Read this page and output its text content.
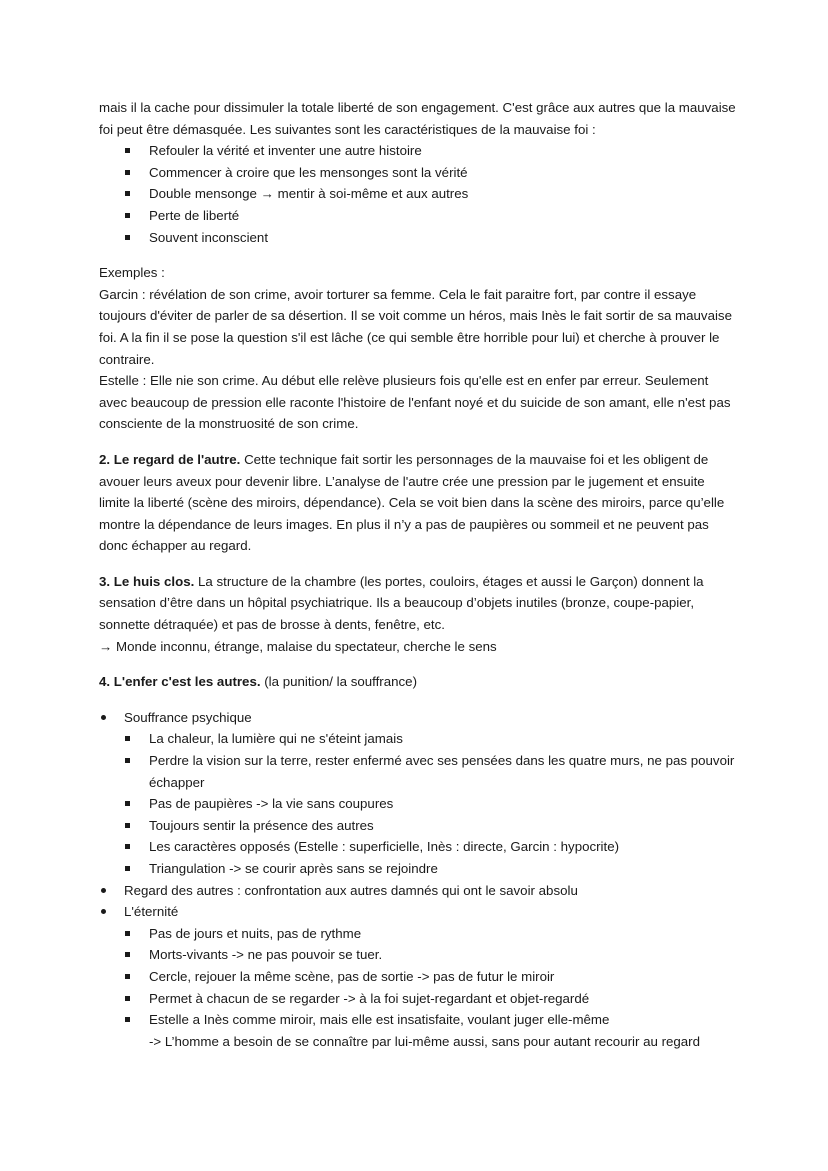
mais il la cache pour dissimuler la totale liberté de son engagement. C'est grâce aux autres que la mauvaise foi peut être démasquée. Les suivantes sont les caractéristiques de la mauvaise foi :

Refouler la vérité et inventer une autre histoire
Commencer à croire que les mensonges sont la vérité
Double mensonge → mentir à soi-même et aux autres
Perte de liberté
Souvent inconscient

Exemples :

Garcin : révélation de son crime, avoir torturer sa femme. Cela le fait paraitre fort, par contre il essaye toujours d'éviter de parler de sa désertion. Il se voit comme un héros, mais Inès le fait sortir de sa mauvaise foi. A la fin il se pose la question s'il est lâche (ce qui semble être horrible pour lui) et cherche à prouver le contraire.

Estelle : Elle nie son crime. Au début elle relève plusieurs fois qu'elle est en enfer par erreur. Seulement avec beaucoup de pression elle raconte l'histoire de l'enfant noyé et du suicide de son amant, elle n'est pas consciente de la monstruosité de son crime.

2. Le regard de l'autre. Cette technique fait sortir les personnages de la mauvaise foi et les obligent de avouer leurs aveux pour devenir libre. L’analyse de l'autre crée une pression par le jugement et ensuite limite la liberté (scène des miroirs, dépendance). Cela se voit bien dans la scène des miroirs, parce qu’elle montre la dépendance de leurs images. En plus il n’y a pas de paupières ou sommeil et ne peuvent pas donc échapper au regard.

3. Le huis clos. La structure de la chambre (les portes, couloirs, étages et aussi le Garçon) donnent la sensation d’être dans un hôpital psychiatrique. Ils a beaucoup d’objets inutiles (bronze, coupe-papier, sonnette détraquée) et pas de brosse à dents, fenêtre, etc.

→ Monde inconnu, étrange, malaise du spectateur, cherche le sens

4. L'enfer c'est les autres. (la punition/ la souffrance)

Souffrance psychique
La chaleur, la lumière qui ne s'éteint jamais
Perdre la vision sur la terre, rester enfermé avec ses pensées dans les quatre murs, ne pas pouvoir échapper
Pas de paupières -> la vie sans coupures
Toujours sentir la présence des autres
Les caractères opposés (Estelle : superficielle, Inès : directe, Garcin : hypocrite)
Triangulation -> se courir après sans se rejoindre
Regard des autres : confrontation aux autres damnés qui ont le savoir absolu
L'éternité
Pas de jours et nuits, pas de rythme
Morts-vivants -> ne pas pouvoir se tuer.
Cercle, rejouer la même scène, pas de sortie -> pas de futur le miroir
Permet à chacun de se regarder -> à la foi sujet-regardant et objet-regardé
Estelle a Inès comme miroir, mais elle est insatisfaite, voulant juger elle-même
-> L’homme a besoin de se connaître par lui-même aussi, sans pour autant recourir au regard
